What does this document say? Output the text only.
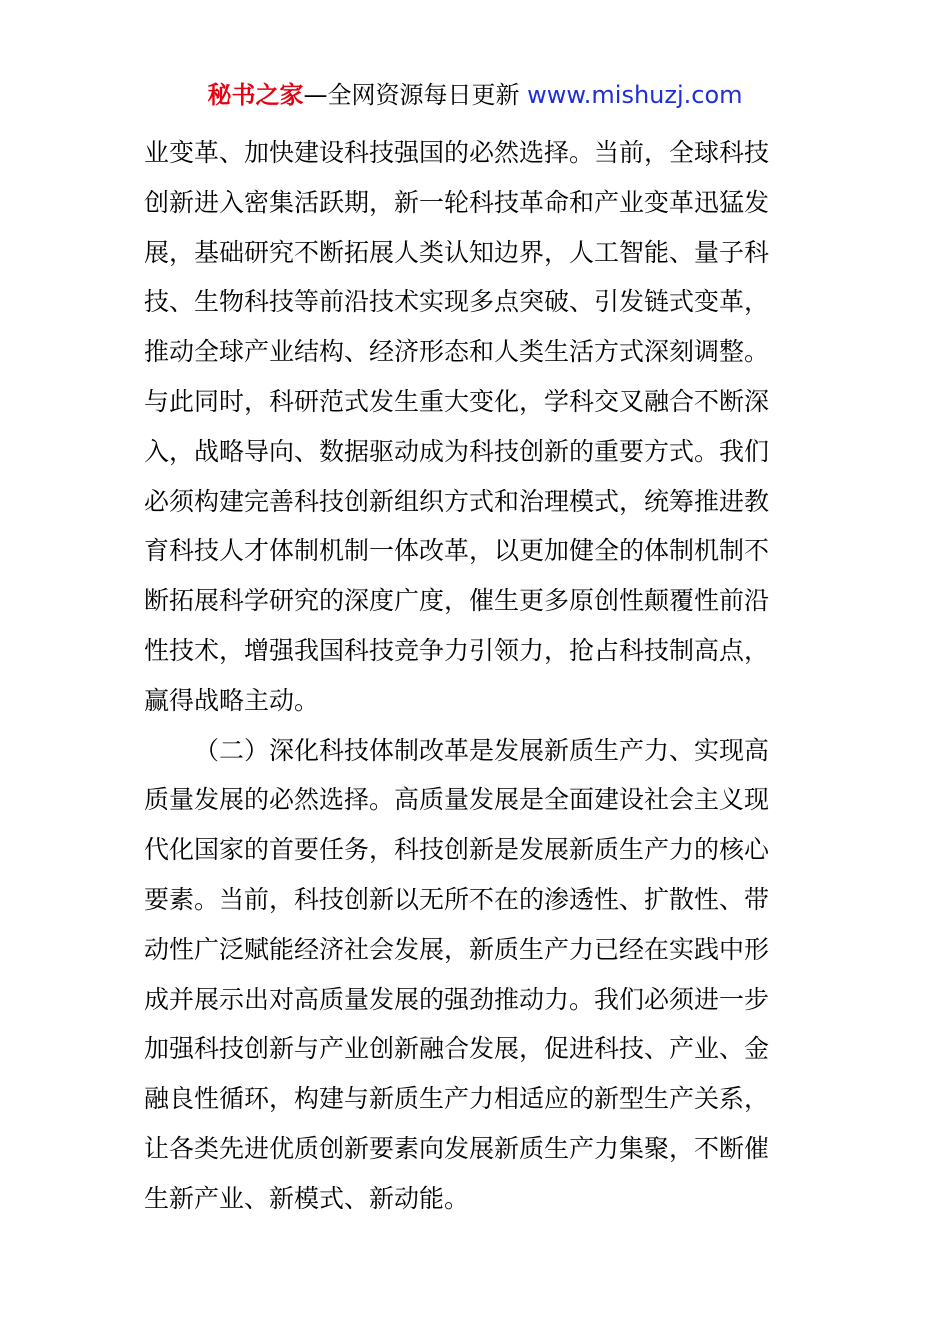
秘书之家—全网资源每日更新 www.mishuzj.com
业变革、加快建设科技强国的必然选择。当前，全球科技
创新进入密集活跃期，新一轮科技革命和产业变革迅猛发
展，基础研究不断拓展人类认知边界，人工智能、量子科
技、生物科技等前沿技术实现多点突破、引发链式变革，
推动全球产业结构、经济形态和人类生活方式深刻调整。
与此同时，科研范式发生重大变化，学科交叉融合不断深
入，战略导向、数据驱动成为科技创新的重要方式。我们
必须构建完善科技创新组织方式和治理模式，统筹推进教
育科技人才体制机制一体改革，以更加健全的体制机制不
断拓展科学研究的深度广度，催生更多原创性颠覆性前沿
性技术，增强我国科技竞争力引领力，抢占科技制高点，
赢得战略主动。
（二）深化科技体制改革是发展新质生产力、实现高
质量发展的必然选择。高质量发展是全面建设社会主义现
代化国家的首要任务，科技创新是发展新质生产力的核心
要素。当前，科技创新以无所不在的渗透性、扩散性、带
动性广泛赋能经济社会发展，新质生产力已经在实践中形
成并展示出对高质量发展的强劲推动力。我们必须进一步
加强科技创新与产业创新融合发展，促进科技、产业、金
融良性循环，构建与新质生产力相适应的新型生产关系，
让各类先进优质创新要素向发展新质生产力集聚，不断催
生新产业、新模式、新动能。
